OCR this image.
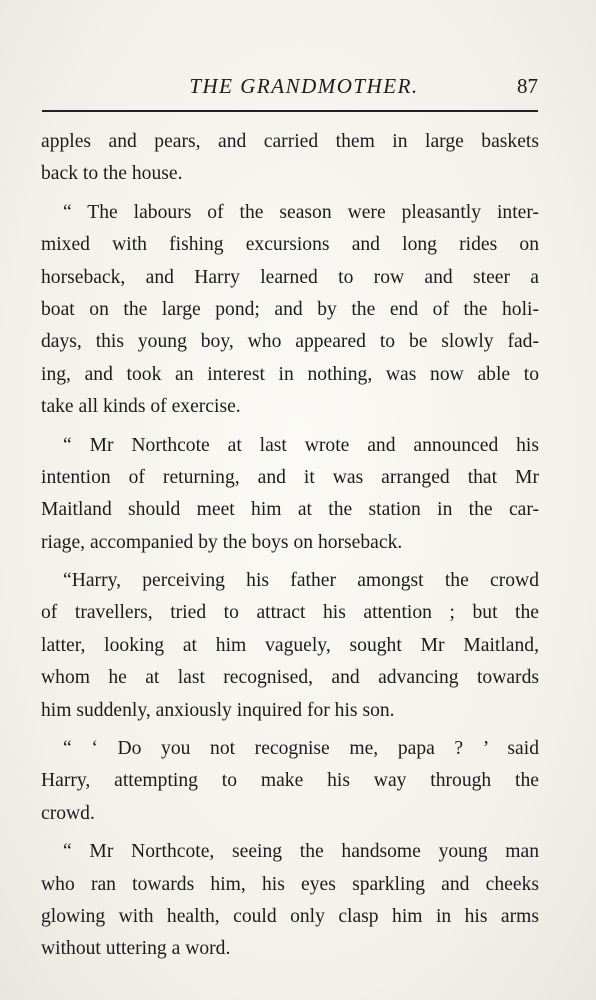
THE GRANDMOTHER.	87
apples and pears, and carried them in large baskets
back to the house.
“ The labours of the season were pleasantly inter-
mixed with fishing excursions and long rides on
horseback, and Harry learned to row and steer a
boat on the large pond; and by the end of the holi-
days, this young boy, who appeared to be slowly fad-
ing, and took an interest in nothing, was now able to
take all kinds of exercise.
“ Mr Northcote at last wrote and announced his
intention of returning, and it was arranged that Mr
Maitland should meet him at the station in the car-
riage, accompanied by the boys on horseback.
“Harry, perceiving his father amongst the crowd
of travellers, tried to attract his attention ; but the
latter, looking at him vaguely, sought Mr Maitland,
whom he at last recognised, and advancing towards
him suddenly, anxiously inquired for his son.
“ ‘ Do you not recognise me, papa ? ’ said
Harry, attempting to make his way through the
crowd.
“ Mr Northcote, seeing the handsome young man
who ran towards him, his eyes sparkling and cheeks
glowing with health, could only clasp him in his arms
without uttering a word.
